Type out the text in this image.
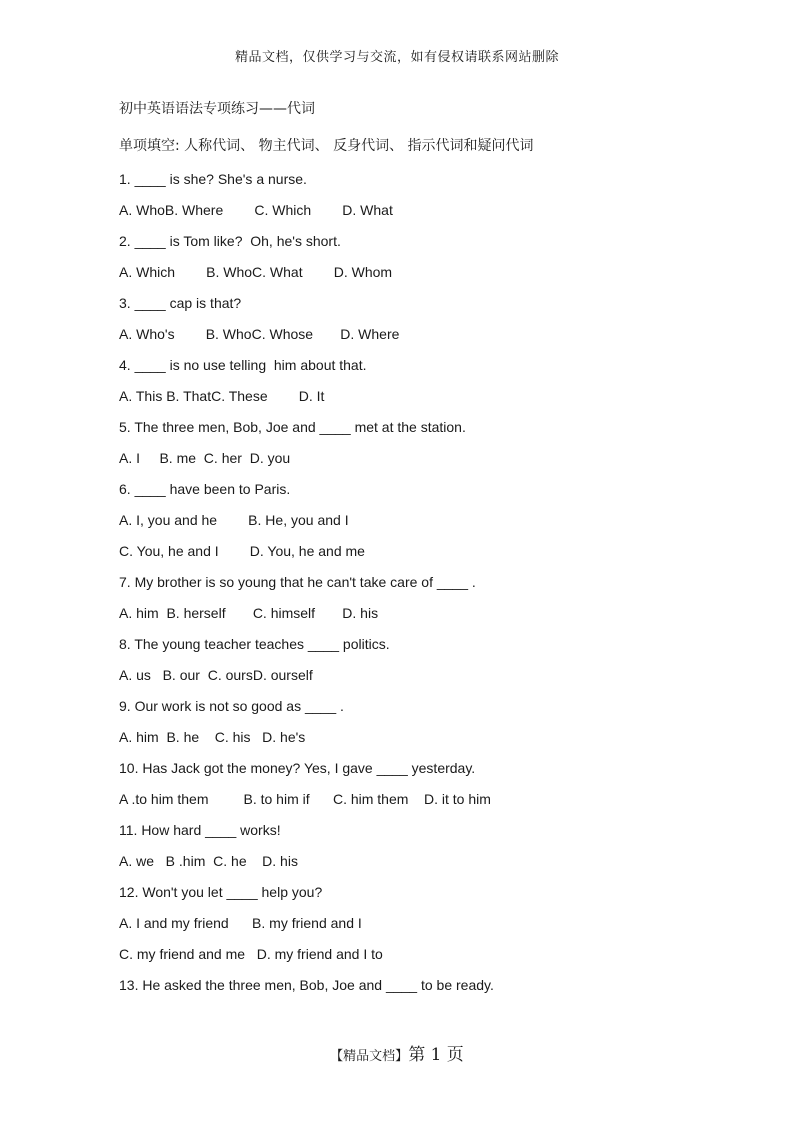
精品文档，仅供学习与交流，如有侵权请联系网站删除
初中英语语法专项练习——代词
单项填空: 人称代词、 物主代词、 反身代词、 指示代词和疑问代词
1. ____ is she? She's a nurse.
A. WhoB. Where        C. Which        D. What
2. ____ is Tom like?  Oh, he's short.
A. Which        B. WhoC. What        D. Whom
3. ____ cap is that?
A. Who's        B. WhoC. Whose       D. Where
4. ____ is no use telling  him about that.
A. This B. ThatC. These        D. It
5. The three men, Bob, Joe and ____ met at the station.
A. I     B. me  C. her  D. you
6. ____ have been to Paris.
A. I, you and he        B. He, you and I
C. You, he and I        D. You, he and me
7. My brother is so young that he can't take care of ____ .
A. him  B. herself       C. himself       D. his
8. The young teacher teaches ____ politics.
A. us   B. our  C. oursD. ourself
9. Our work is not so good as ____ .
A. him  B. he    C. his   D. he's
10. Has Jack got the money? Yes, I gave ____ yesterday.
A .to him them         B. to him if      C. him them    D. it to him
11. How hard ____ works!
A. we   B .him  C. he    D. his
12. Won't you let ____ help you?
A. I and my friend      B. my friend and I
C. my friend and me   D. my friend and I to
13. He asked the three men, Bob, Joe and ____ to be ready.
【精品文档】第 1 页
